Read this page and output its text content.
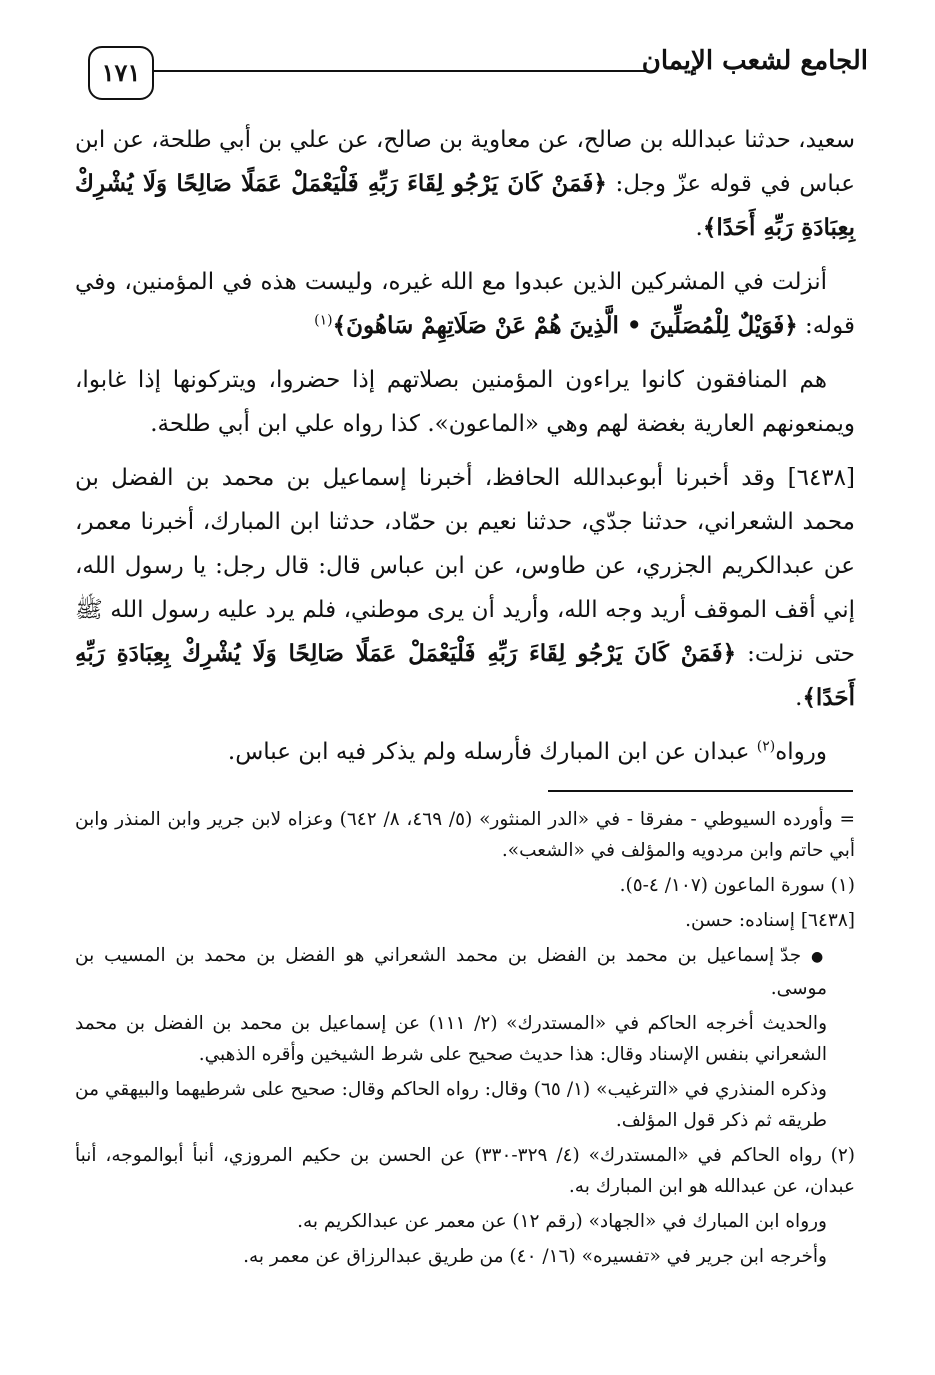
الجامع لشعب الإيمان
١٧١

سعيد، حدثنا عبدالله بن صالح، عن معاوية بن صالح، عن علي بن أبي طلحة، عن ابن عباس في قوله عزّ وجل: ﴿فَمَنْ كَانَ يَرْجُو لِقَاءَ رَبِّهِ فَلْيَعْمَلْ عَمَلًا صَالِحًا وَلَا يُشْرِكْ بِعِبَادَةِ رَبِّهِ أَحَدًا﴾.

أنزلت في المشركين الذين عبدوا مع الله غيره، وليست هذه في المؤمنين، وفي قوله: ﴿فَوَيْلٌ لِلْمُصَلِّينَ • الَّذِينَ هُمْ عَنْ صَلَاتِهِمْ سَاهُونَ﴾$^{(١)}$

هم المنافقون كانوا يراءون المؤمنين بصلاتهم إذا حضروا، ويتركونها إذا غابوا، ويمنعونهم العارية بغضة لهم وهي «الماعون». كذا رواه علي ابن أبي طلحة.

[٦٤٣٨] وقد أخبرنا أبوعبدالله الحافظ، أخبرنا إسماعيل بن محمد بن الفضل بن محمد الشعراني، حدثنا جدّي، حدثنا نعيم بن حمّاد، حدثنا ابن المبارك، أخبرنا معمر، عن عبدالكريم الجزري، عن طاوس، عن ابن عباس قال: قال رجل: يا رسول الله، إني أقف الموقف أريد وجه الله، وأريد أن يرى موطني، فلم يرد عليه رسول الله ﷺ حتى نزلت: ﴿فَمَنْ كَانَ يَرْجُو لِقَاءَ رَبِّهِ فَلْيَعْمَلْ عَمَلًا صَالِحًا وَلَا يُشْرِكْ بِعِبَادَةِ رَبِّهِ أَحَدًا﴾.

ورواه$^{(٢)}$ عبدان عن ابن المبارك فأرسله ولم يذكر فيه ابن عباس.

= وأورده السيوطي - مفرقا - في «الدر المنثور» (٥/ ٤٦٩، ٨/ ٦٤٢) وعزاه لابن جرير وابن المنذر وابن أبي حاتم وابن مردويه والمؤلف في «الشعب».

(١) سورة الماعون (١٠٧/ ٤-٥).

[٦٤٣٨] إسناده: حسن.

● جدّ إسماعيل بن محمد بن الفضل بن محمد الشعراني هو الفضل بن محمد بن المسيب بن موسى.

والحديث أخرجه الحاكم في «المستدرك» (٢/ ١١١) عن إسماعيل بن محمد بن الفضل بن محمد الشعراني بنفس الإسناد وقال: هذا حديث صحيح على شرط الشيخين وأقره الذهبي.

وذكره المنذري في «الترغيب» (١/ ٦٥) وقال: رواه الحاكم وقال: صحيح على شرطيهما والبيهقي من طريقه ثم ذكر قول المؤلف.

(٢) رواه الحاكم في «المستدرك» (٤/ ٣٢٩-٣٣٠) عن الحسن بن حكيم المروزي، أنبأ أبوالموجه، أنبأ عبدان، عن عبدالله هو ابن المبارك به.

ورواه ابن المبارك في «الجهاد» (رقم ١٢) عن معمر عن عبدالكريم به.

وأخرجه ابن جرير في «تفسيره» (١٦/ ٤٠) من طريق عبدالرزاق عن معمر به.
